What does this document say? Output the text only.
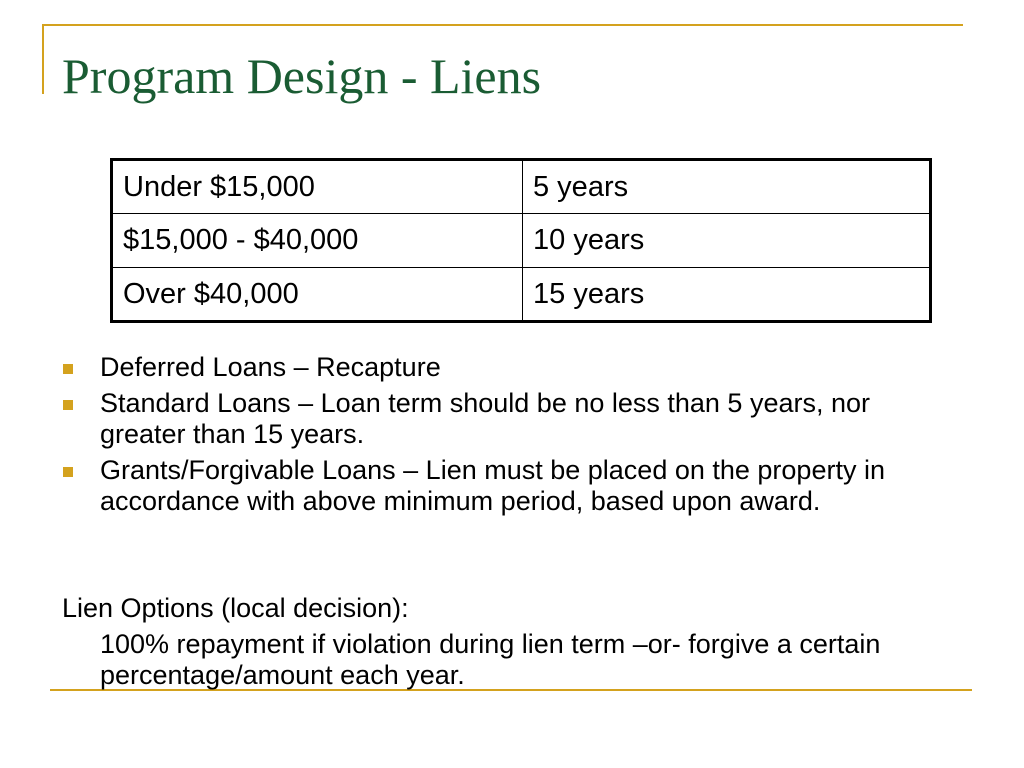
Program Design - Liens
Under $15,000	5 years
$15,000 - $40,000	10 years
Over $40,000	15 years
Deferred Loans – Recapture
Standard Loans – Loan term should be no less than 5 years, nor greater than 15 years.
Grants/Forgivable Loans – Lien must be placed on the property in accordance with above minimum period, based upon award.
Lien Options (local decision):
100% repayment if violation during lien term –or- forgive a certain percentage/amount each year.
